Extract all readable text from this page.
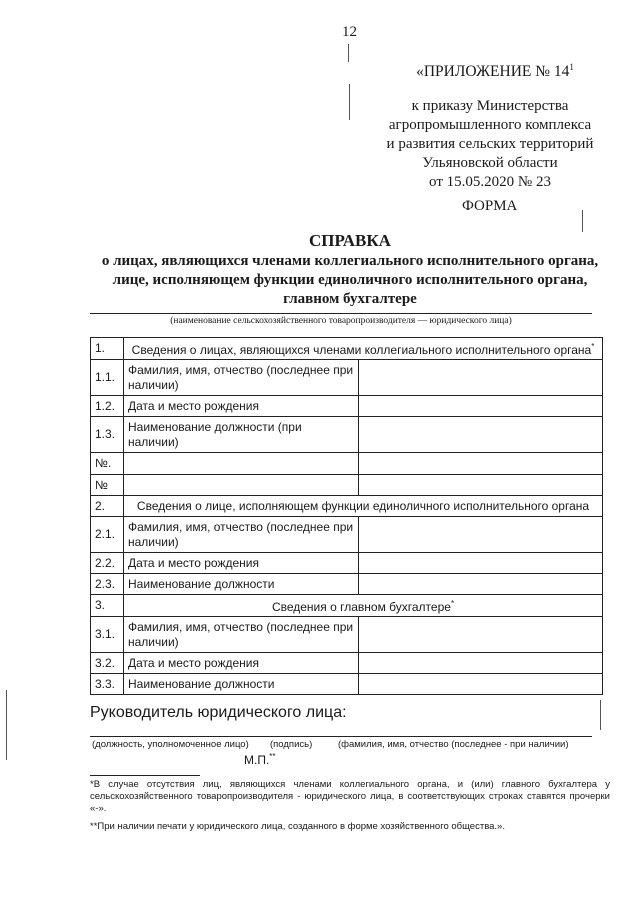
12
«ПРИЛОЖЕНИЕ № $14^1$
к приказу Министерства
агропромышленного комплекса
и развития сельских территорий
Ульяновской области
от 15.05.2020 № 23
ФОРМА
СПРАВКА
о лицах, являющихся членами коллегиального исполнительного органа,
лице, исполняющем функции единоличного исполнительного органа,
главном бухгалтере
(наименование сельскохозяйственного товаропроизводителя — юридического лица)
1.	Сведения о лицах, являющихся членами коллегиального исполнительного органа*
1.1.	Фамилия, имя, отчество (последнее при наличии)	
1.2.	Дата и место рождения	
1.3.	Наименование должности (при наличии)	
№.		
№		
2.	Сведения о лице, исполняющем функции единоличного исполнительного органа	
2.1.	Фамилия, имя, отчество (последнее при наличии)	
2.2.	Дата и место рождения	
2.3.	Наименование должности	
3.	Сведения о главном бухгалтере*
3.1.	Фамилия, имя, отчество (последнее при наличии)	
3.2.	Дата и место рождения	
3.3.	Наименование должности	
Руководитель юридического лица:
(должность, уполномоченное лицо) (подпись)	(фамилия, имя, отчество (последнее - при наличии)
М.П.**
*В случае отсутствия лиц, являющихся членами коллегиального органа, и (или) главного бухгалтера у сельскохозяйственного товаропроизводителя - юридического лица, в соответствующих строках ставятся прочерки «-».
**При наличии печати у юридического лица, созданного в форме хозяйственного общества.».
